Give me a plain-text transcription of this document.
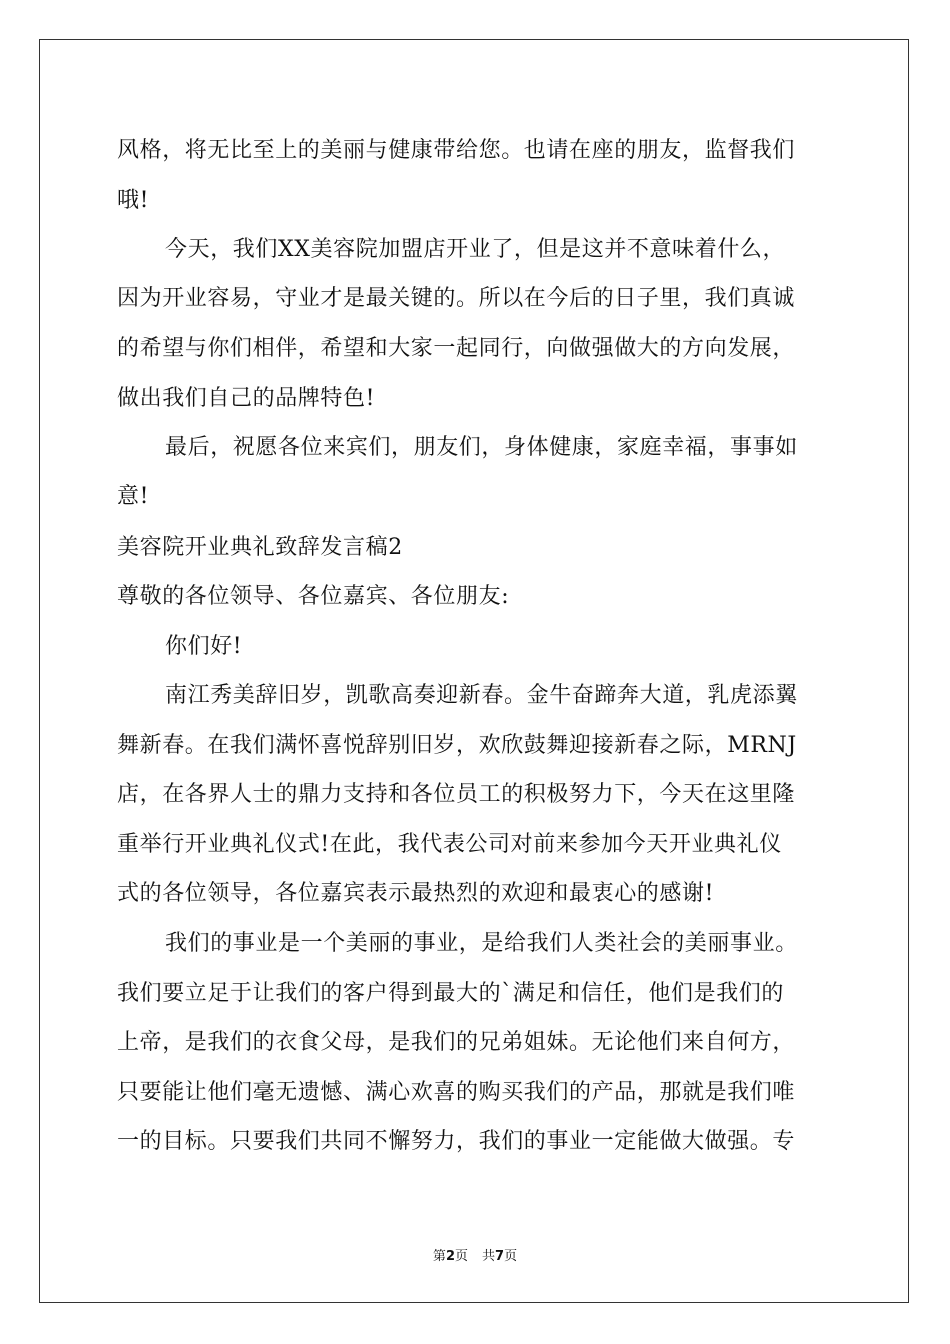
风格，将无比至上的美丽与健康带给您。也请在座的朋友，监督我们
哦!
今天，我们XX美容院加盟店开业了，但是这并不意味着什么，
因为开业容易，守业才是最关键的。所以在今后的日子里，我们真诚
的希望与你们相伴，希望和大家一起同行，向做强做大的方向发展，
做出我们自己的品牌特色!
最后，祝愿各位来宾们，朋友们，身体健康，家庭幸福，事事如
意!
美容院开业典礼致辞发言稿2
尊敬的各位领导、各位嘉宾、各位朋友:
你们好!
南江秀美辞旧岁，凯歌高奏迎新春。金牛奋蹄奔大道，乳虎添翼
舞新春。在我们满怀喜悦辞别旧岁，欢欣鼓舞迎接新春之际，MRNJ
店，在各界人士的鼎力支持和各位员工的积极努力下，今天在这里隆
重举行开业典礼仪式!在此，我代表公司对前来参加今天开业典礼仪
式的各位领导，各位嘉宾表示最热烈的欢迎和最衷心的感谢!
我们的事业是一个美丽的事业，是给我们人类社会的美丽事业。
我们要立足于让我们的客户得到最大的`满足和信任，他们是我们的
上帝，是我们的衣食父母，是我们的兄弟姐妹。无论他们来自何方，
只要能让他们毫无遗憾、满心欢喜的购买我们的产品，那就是我们唯
一的目标。只要我们共同不懈努力，我们的事业一定能做大做强。专
第2页 共7页
